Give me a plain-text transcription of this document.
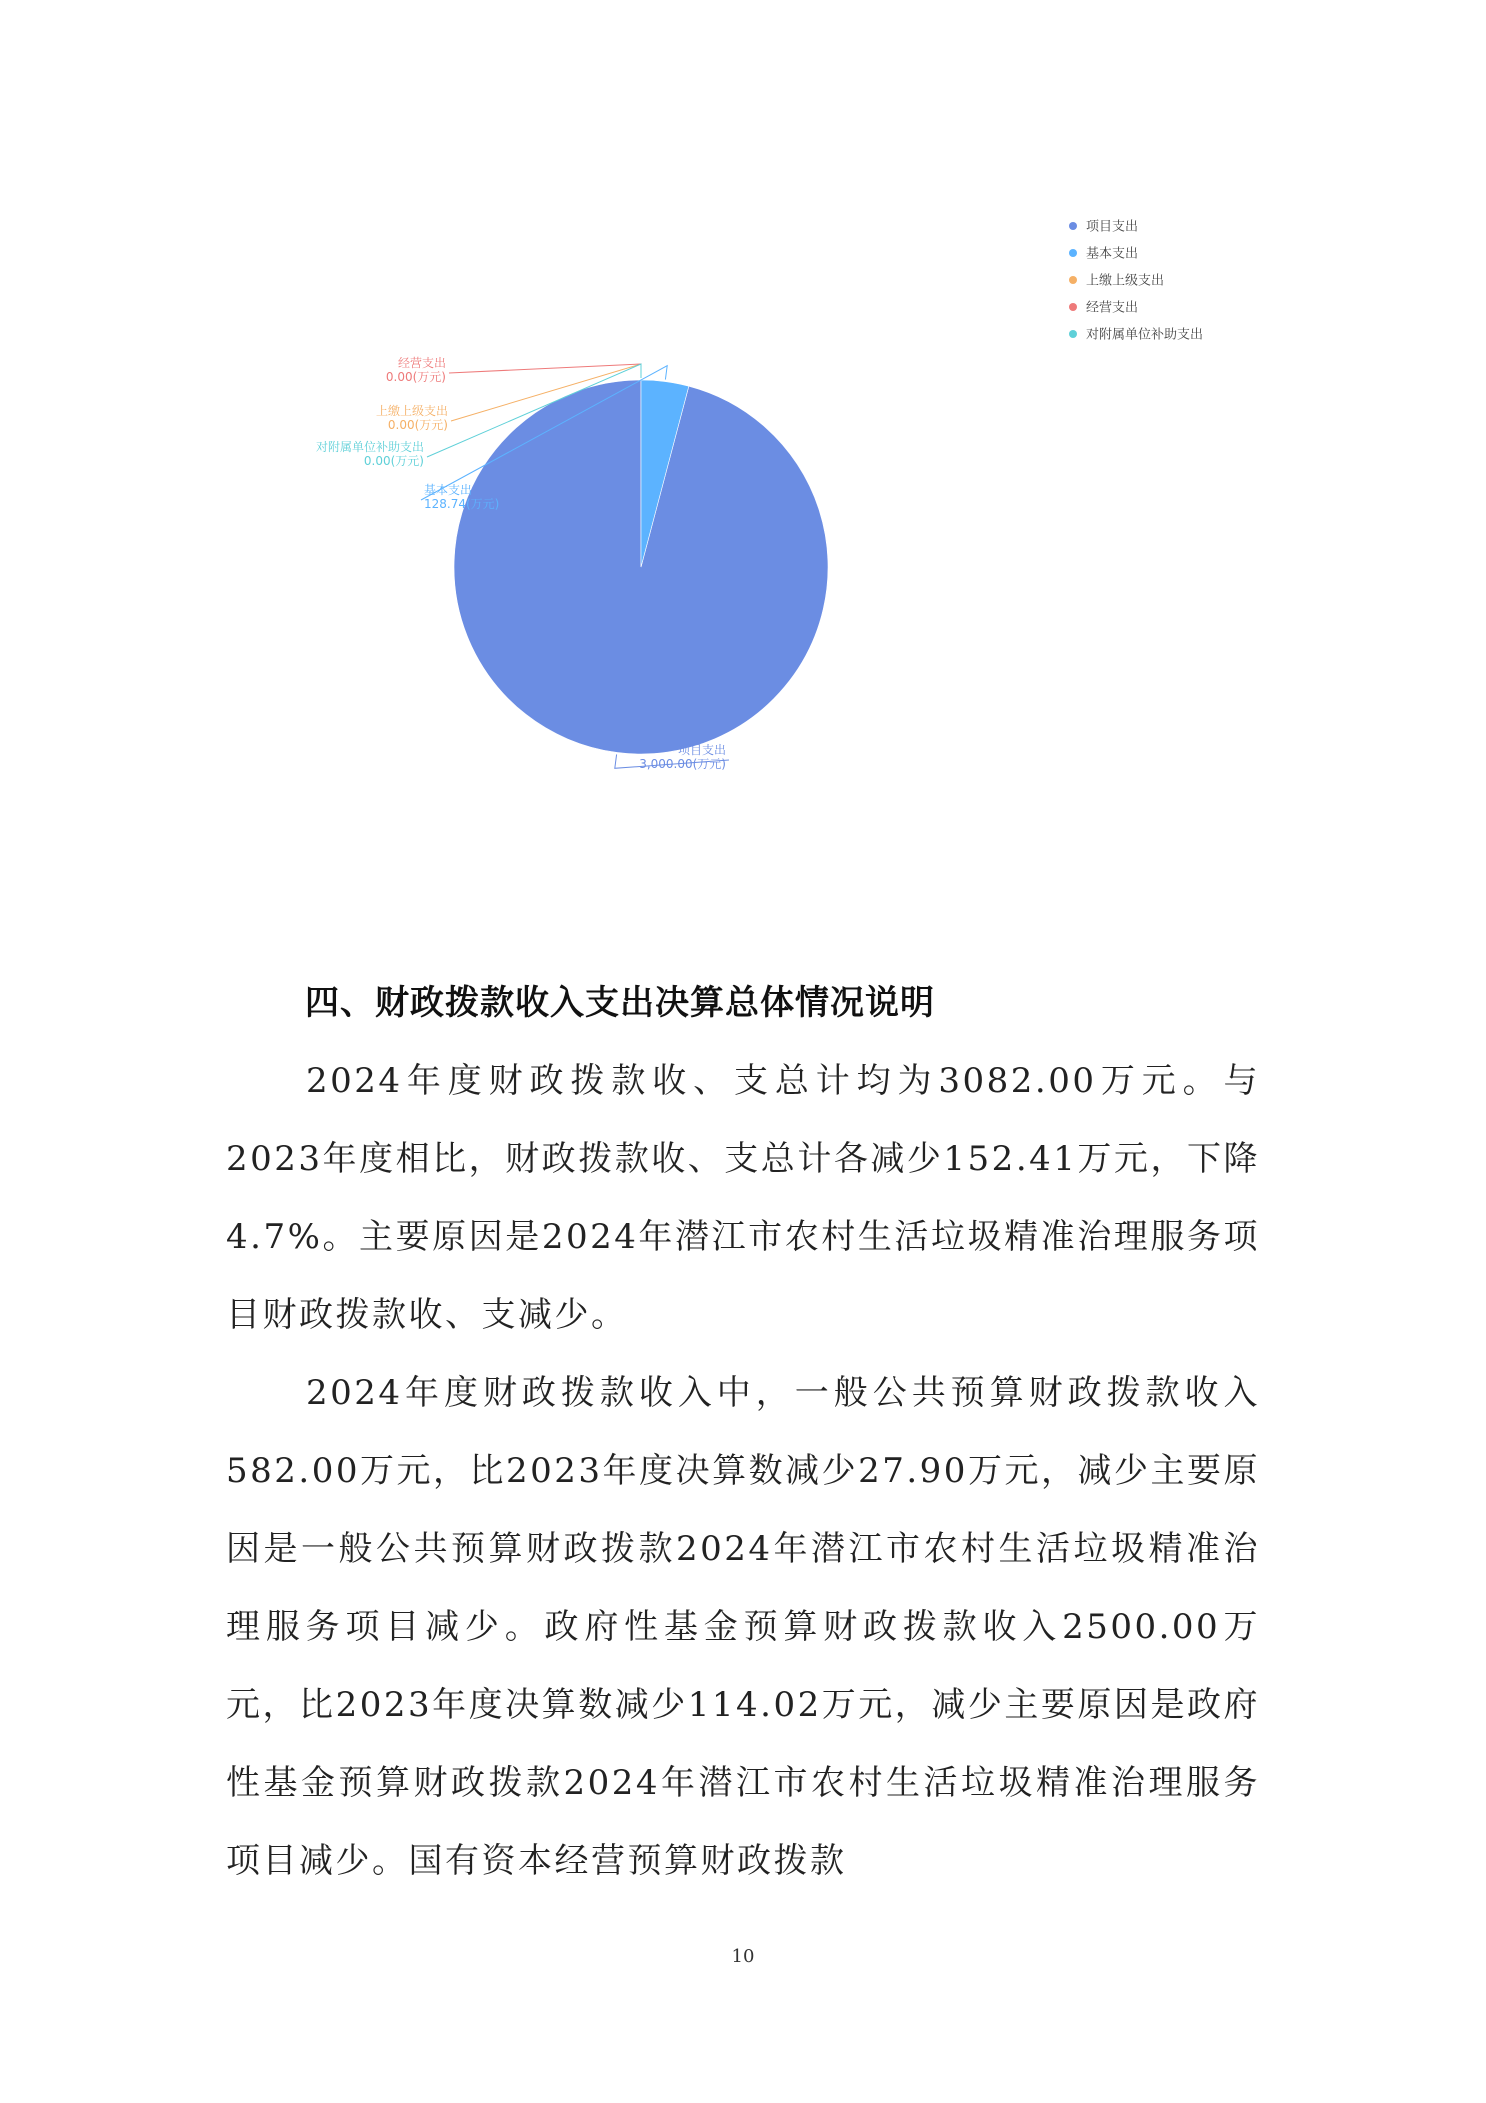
项目支出
基本支出
上缴上级支出
经营支出
对附属单位补助支出
项目支出
3,000.00(万元)
基本支出
128.74(万元)
上缴上级支出
0.00(万元)
经营支出
0.00(万元)
对附属单位补助支出
0.00(万元)
四、财政拨款收入支出决算总体情况说明

2024年度财政拨款收、支总计均为3082.00万元。与2023年度相比，财政拨款收、支总计各减少152.41万元，下降4.7%。主要原因是2024年潜江市农村生活垃圾精准治理服务项目财政拨款收、支减少。

2024年度财政拨款收入中，一般公共预算财政拨款收入582.00万元，比2023年度决算数减少27.90万元，减少主要原因是一般公共预算财政拨款2024年潜江市农村生活垃圾精准治理服务项目减少。政府性基金预算财政拨款收入2500.00万元，比2023年度决算数减少114.02万元，减少主要原因是政府性基金预算财政拨款2024年潜江市农村生活垃圾精准治理服务项目减少。国有资本经营预算财政拨款

10
